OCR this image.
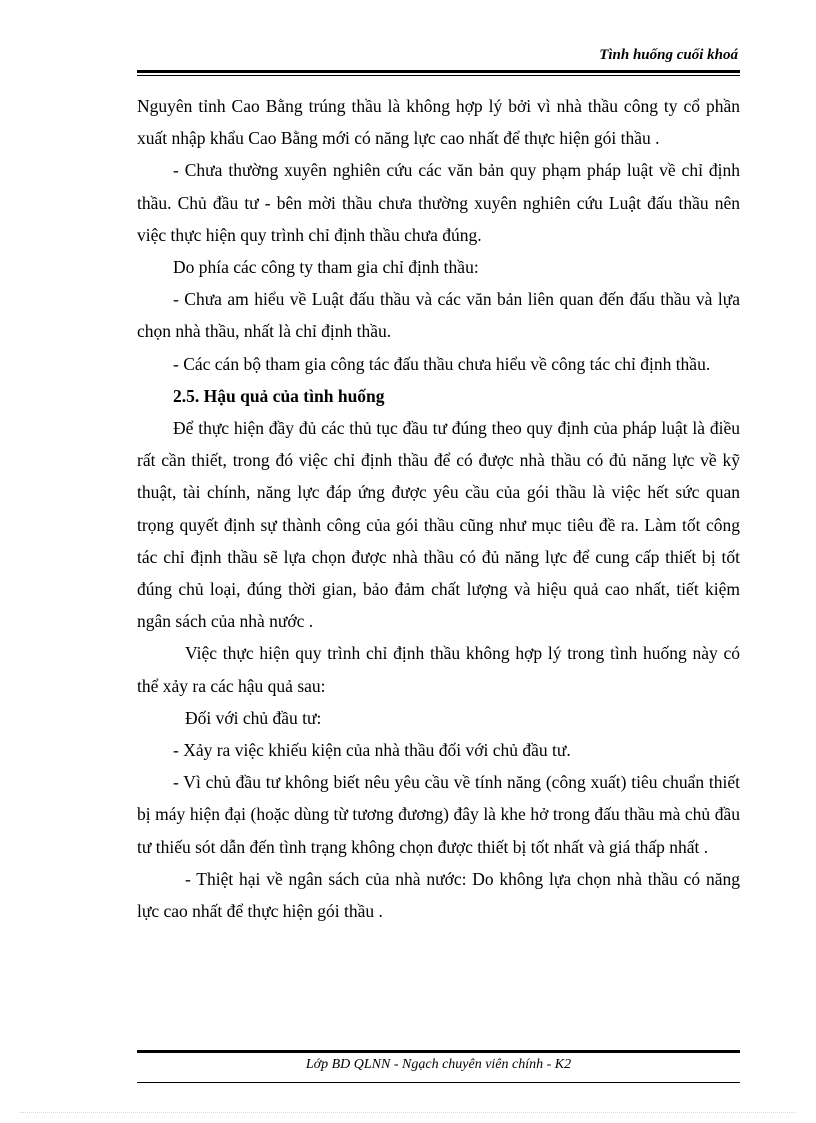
Tình huống cuối khoá

Nguyên tỉnh Cao Bằng trúng thầu là không hợp lý bởi vì nhà thầu công ty cổ phần xuất nhập khẩu Cao Bằng mới có năng lực cao nhất để thực hiện gói thầu .

- Chưa thường xuyên nghiên cứu các văn bản quy phạm pháp luật về chỉ định thầu. Chủ đầu tư - bên mời thầu chưa thường xuyên nghiên cứu Luật đấu thầu nên việc thực hiện quy trình chỉ định thầu chưa đúng.

Do phía các công ty tham gia chỉ định thầu:

- Chưa am hiểu về Luật đấu thầu và các văn bản liên quan đến đấu thầu và lựa chọn nhà thầu, nhất là chỉ định thầu.

- Các cán bộ tham gia công tác đấu thầu chưa hiểu về công tác chỉ định thầu.

2.5. Hậu quả của tình huống

Để thực hiện đầy đủ các thủ tục đầu tư đúng theo quy định của pháp luật là điều rất cần thiết, trong đó việc chỉ định thầu để có được nhà thầu có đủ năng lực về kỹ thuật, tài chính, năng lực đáp ứng được yêu cầu của gói thầu là việc hết sức quan trọng quyết định sự thành công của gói thầu cũng như mục tiêu đề ra. Làm tốt công tác chỉ định thầu sẽ lựa chọn được nhà thầu có đủ năng lực để cung cấp thiết bị tốt đúng chủ loại, đúng thời gian, bảo đảm chất lượng và hiệu quả cao nhất, tiết kiệm ngân sách của nhà nước .

Việc thực hiện quy trình chỉ định thầu không hợp lý trong tình huống này có thể xảy ra các hậu quả sau:

Đối với chủ đầu tư:

- Xảy ra việc khiếu kiện của nhà thầu đối với chủ đầu tư.

- Vì chủ đầu tư không biết nêu yêu cầu về tính năng (công xuất) tiêu chuẩn thiết bị máy hiện đại (hoặc dùng từ tương đương) đây là khe hở trong đấu thầu mà chủ đầu tư thiếu sót dẫn đến tình trạng không chọn được thiết bị tốt nhất và giá thấp nhất .

- Thiệt hại về ngân sách của nhà nước: Do không lựa chọn nhà thầu có năng lực cao nhất để thực hiện gói thầu .

Lớp BD QLNN - Ngạch chuyên viên chính - K2
